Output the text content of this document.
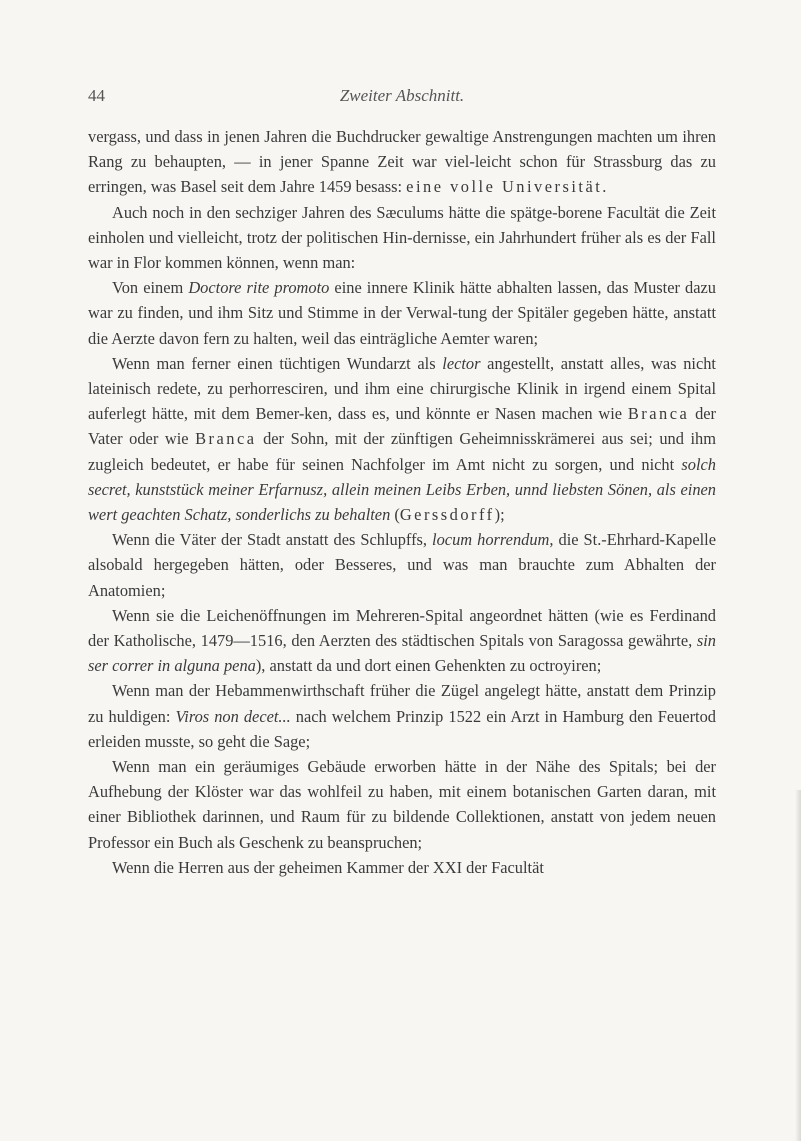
44	Zweiter Abschnitt.

vergass, und dass in jenen Jahren die Buchdrucker gewaltige Anstrengungen machten um ihren Rang zu behaupten, — in jener Spanne Zeit war viel-leicht schon für Strassburg das zu erringen, was Basel seit dem Jahre 1459 besass: eine volle Universität.

Auch noch in den sechziger Jahren des Sæculums hätte die spätge-borene Facultät die Zeit einholen und vielleicht, trotz der politischen Hin-dernisse, ein Jahrhundert früher als es der Fall war in Flor kommen können, wenn man:

Von einem Doctore rite promoto eine innere Klinik hätte abhalten lassen, das Muster dazu war zu finden, und ihm Sitz und Stimme in der Verwal-tung der Spitäler gegeben hätte, anstatt die Aerzte davon fern zu halten, weil das einträgliche Aemter waren;

Wenn man ferner einen tüchtigen Wundarzt als lector angestellt, anstatt alles, was nicht lateinisch redete, zu perhorresciren, und ihm eine chirurgische Klinik in irgend einem Spital auferlegt hätte, mit dem Bemer-ken, dass es, und könnte er Nasen machen wie Branca der Vater oder wie Branca der Sohn, mit der zünftigen Geheimnisskrämerei aus sei; und ihm zugleich bedeutet, er habe für seinen Nachfolger im Amt nicht zu sorgen, und nicht solch secret, kunststück meiner Erfarnusz, allein meinen Leibs Erben, unnd liebsten Sönen, als einen wert geachten Schatz, sonderlichs zu behalten (Gerssdorff);

Wenn die Väter der Stadt anstatt des Schlupffs, locum horrendum, die St.-Ehrhard-Kapelle alsobald hergegeben hätten, oder Besseres, und was man brauchte zum Abhalten der Anatomien;

Wenn sie die Leichenöffnungen im Mehreren-Spital angeordnet hätten (wie es Ferdinand der Katholische, 1479—1516, den Aerzten des städtischen Spitals von Saragossa gewährte, sin ser correr in alguna pena), anstatt da und dort einen Gehenkten zu octroyiren;

Wenn man der Hebammenwirthschaft früher die Zügel angelegt hätte, anstatt dem Prinzip zu huldigen: Viros non decet... nach welchem Prinzip 1522 ein Arzt in Hamburg den Feuertod erleiden musste, so geht die Sage;

Wenn man ein geräumiges Gebäude erworben hätte in der Nähe des Spitals; bei der Aufhebung der Klöster war das wohlfeil zu haben, mit einem botanischen Garten daran, mit einer Bibliothek darinnen, und Raum für zu bildende Collektionen, anstatt von jedem neuen Professor ein Buch als Geschenk zu beanspruchen;

Wenn die Herren aus der geheimen Kammer der XXI der Facultät
